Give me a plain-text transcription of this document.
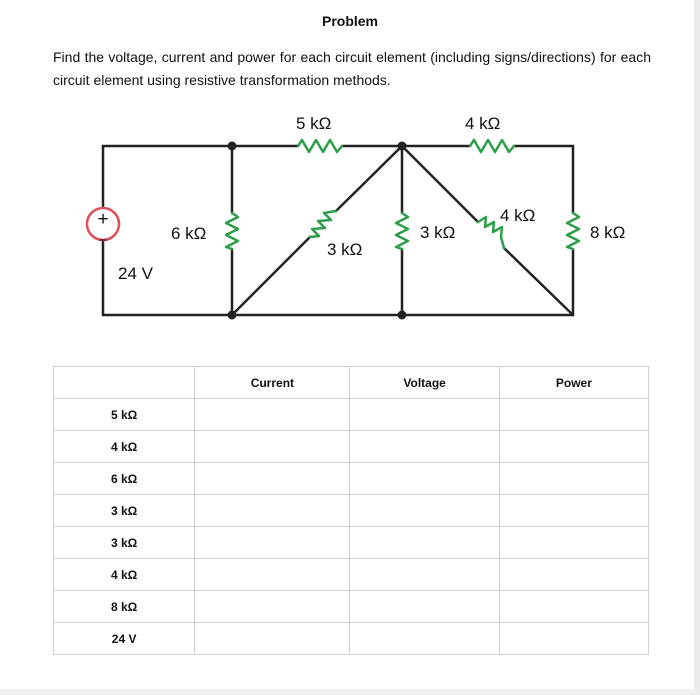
Problem
Find the voltage, current and power for each circuit element (including signs/directions) for each circuit element using resistive transformation methods.
+
−
24 V
5 kΩ	4 kΩ
6 kΩ
3 kΩ
3 kΩ
4 kΩ
8 kΩ
	Current	Voltage	Power
5 kΩ			
4 kΩ			
6 kΩ			
3 kΩ			
3 kΩ			
4 kΩ			
8 kΩ			
24 V			
